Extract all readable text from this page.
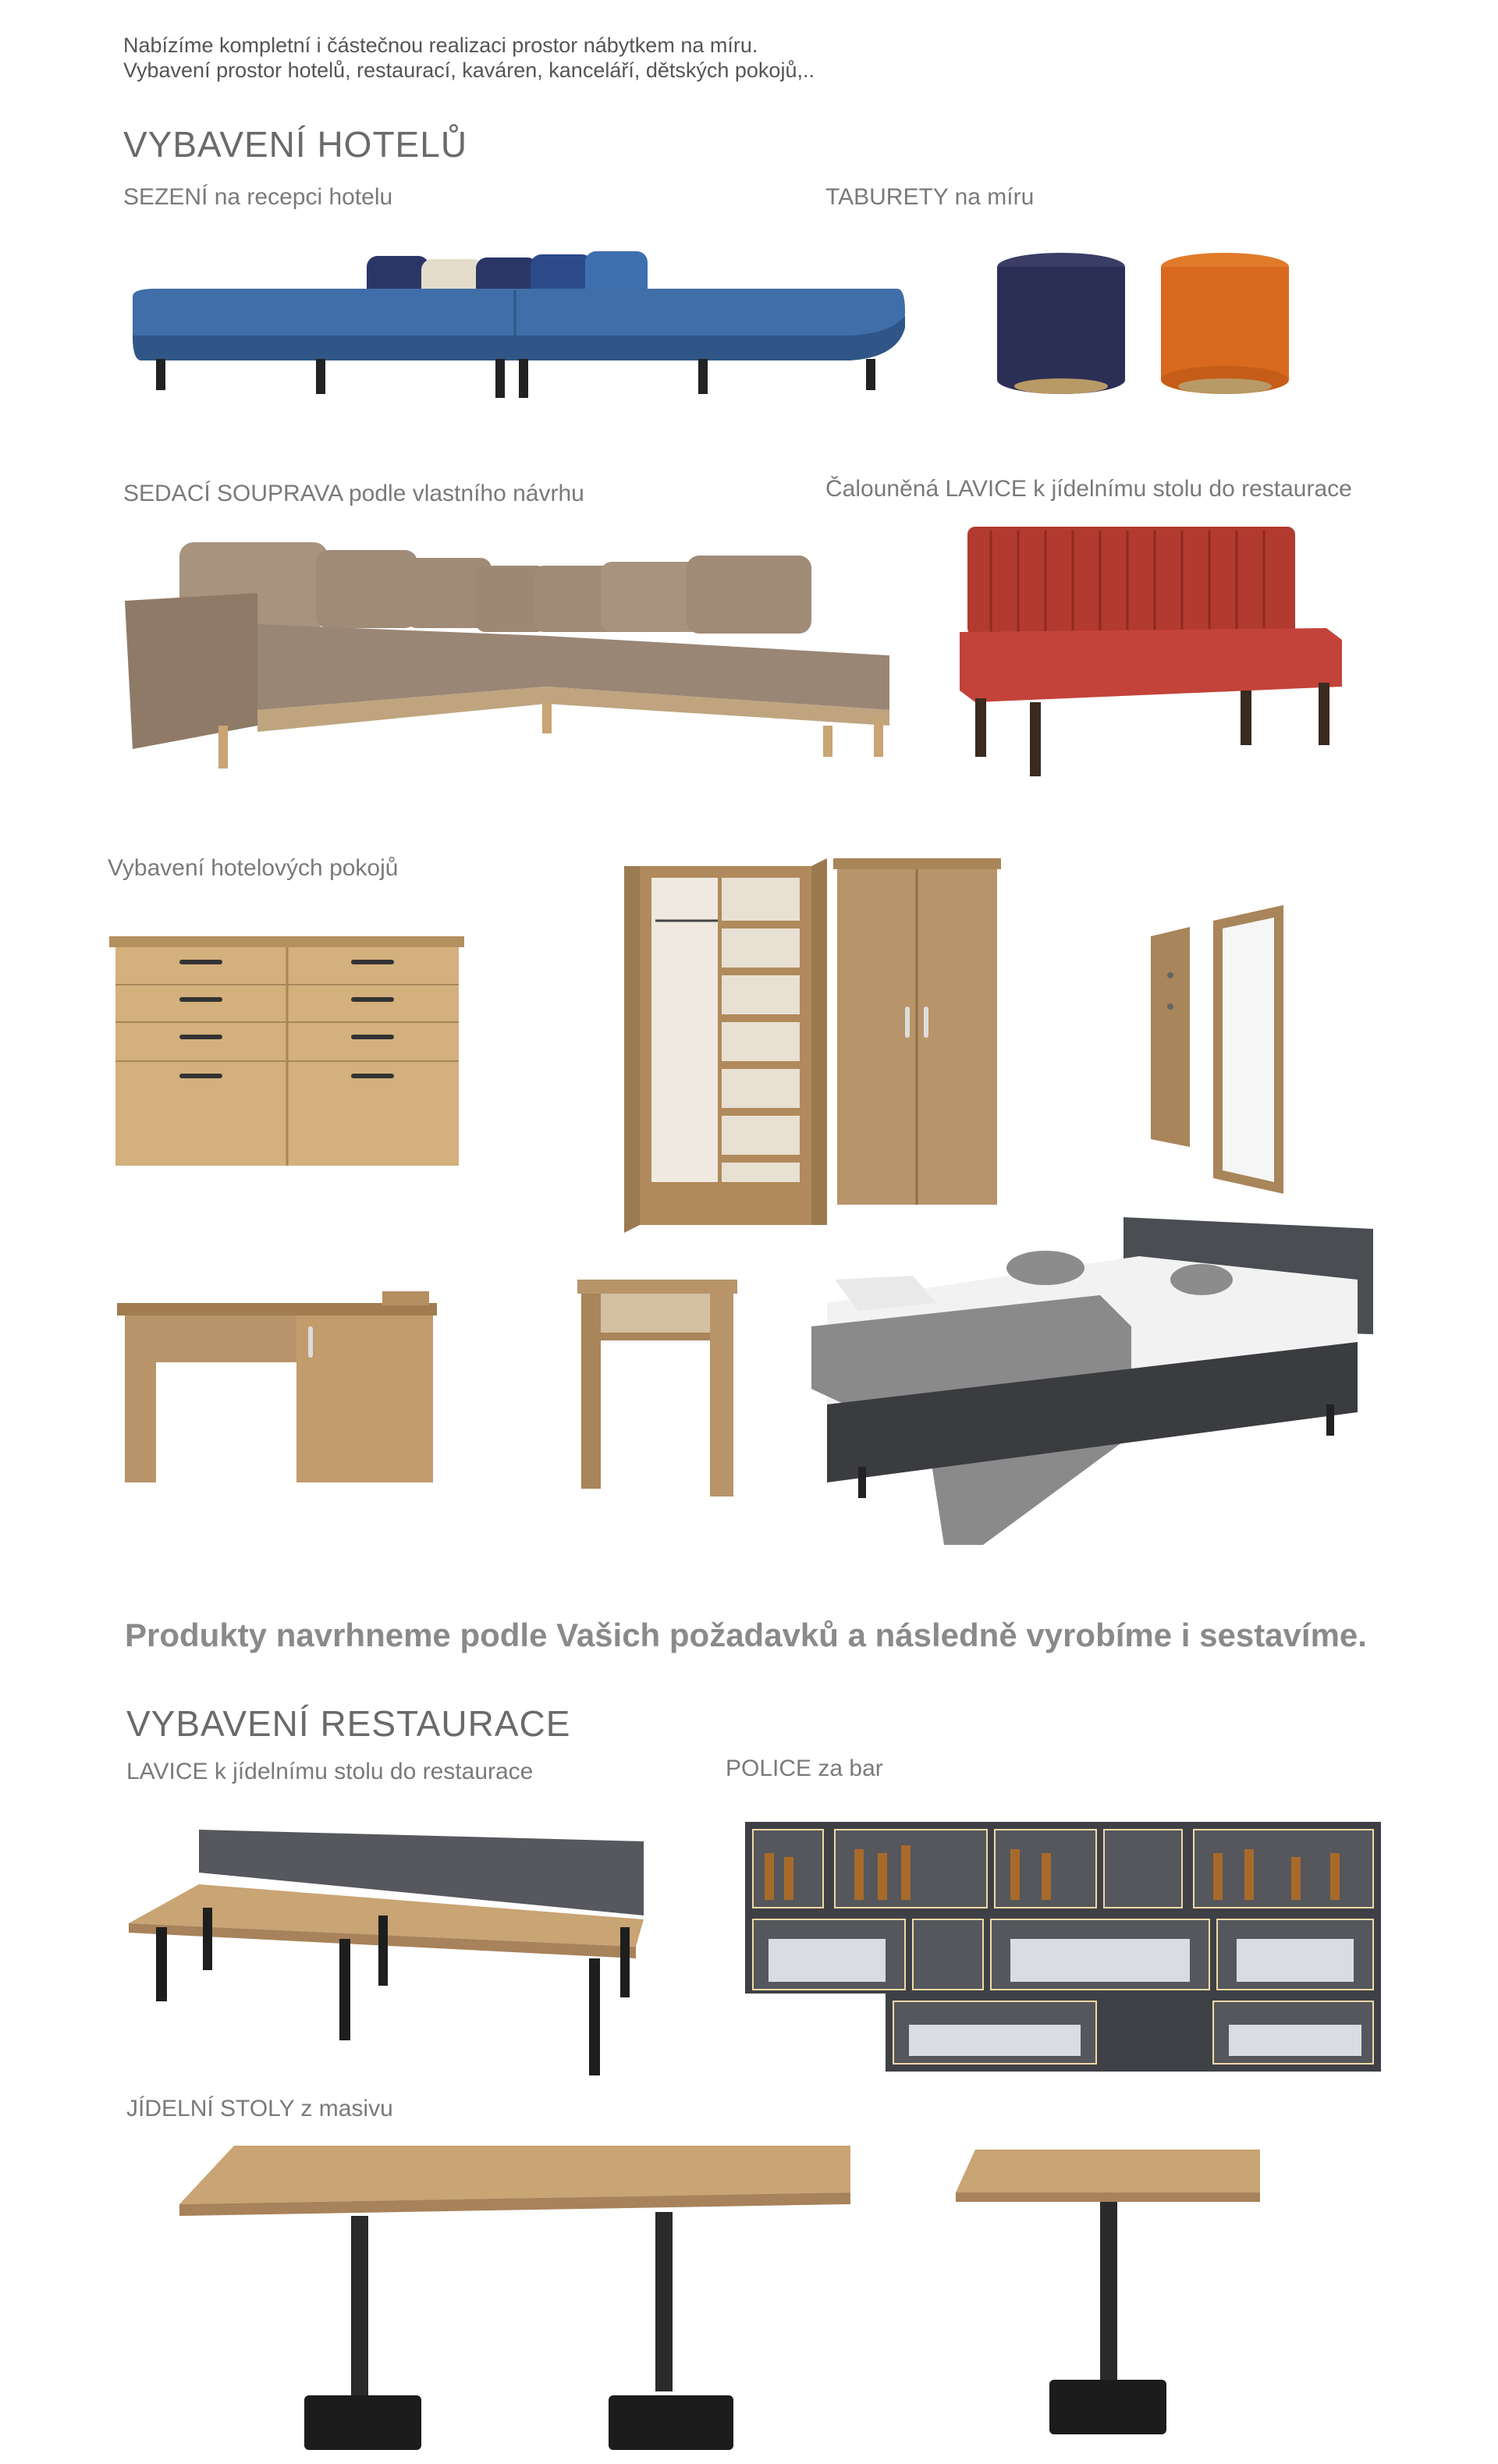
Nabízíme kompletní i částečnou realizaci prostor nábytkem na míru.
Vybavení prostor hotelů, restaurací, kaváren, kanceláří, dětských pokojů,..
VYBAVENÍ HOTELŮ
SEZENÍ na recepci hotelu	TABURETY na míru
SEDACÍ SOUPRAVA podle vlastního návrhu	Čalouněná LAVICE k jídelnímu stolu do restaurace
Vybavení hotelových pokojů
Produkty navrhneme podle Vašich požadavků a následně vyrobíme i sestavíme.
VYBAVENÍ RESTAURACE
LAVICE k jídelnímu stolu do restaurace	POLICE za bar
JÍDELNÍ STOLY z masivu
